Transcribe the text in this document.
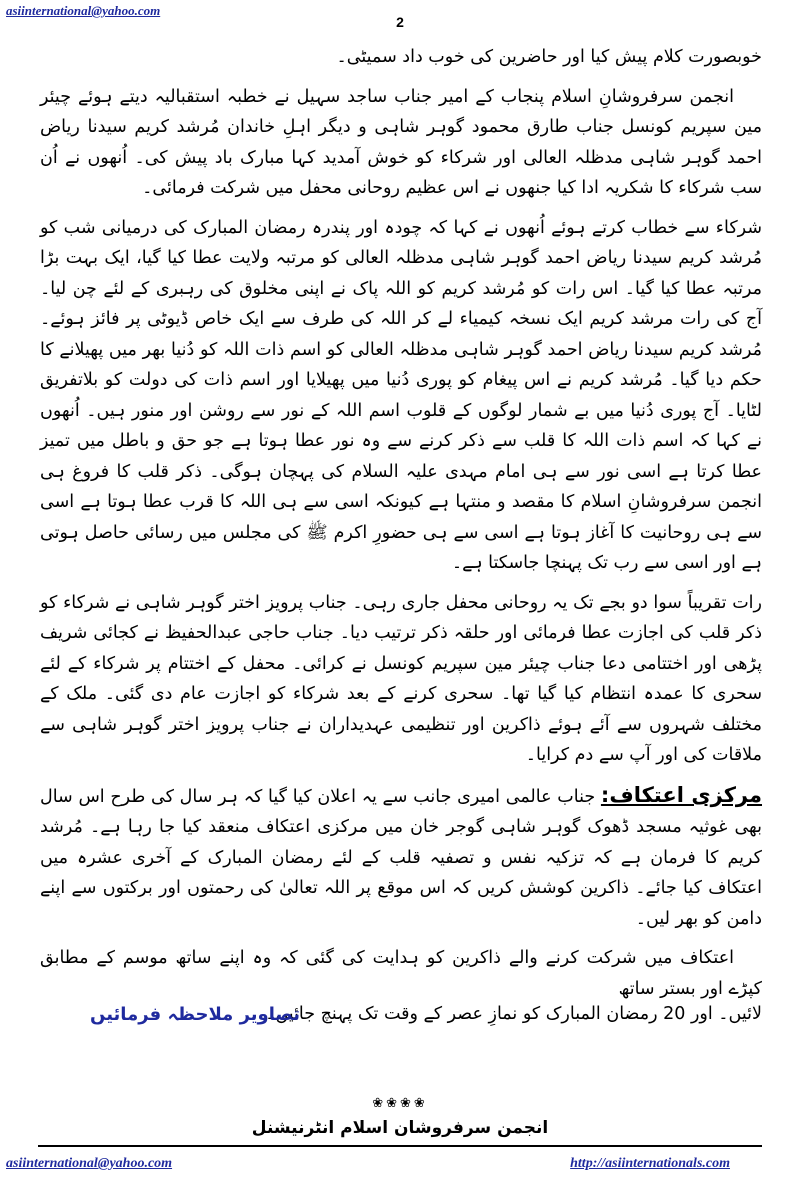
asiinternational@yahoo.com
2

خوبصورت کلام پیش کیا اور حاضرین کی خوب داد سمیٹی۔

انجمن سرفروشانِ اسلام پنجاب کے امیر جناب ساجد سہیل نے خطبہ استقبالیہ دیتے ہوئے چیئر مین سپریم کونسل جناب طارق محمود گوہر شاہی و دیگر اہلِ خاندان مُرشد کریم سیدنا ریاض احمد گوہر شاہی مدظلہ العالی اور شرکاء کو خوش آمدید کہا مبارک باد پیش کی۔ اُنھوں نے اُن سب شرکاء کا شکریہ ادا کیا جنھوں نے اس عظیم روحانی محفل میں شرکت فرمائی۔

شرکاء سے خطاب کرتے ہوئے اُنھوں نے کہا کہ چودہ اور پندرہ رمضان المبارک کی درمیانی شب کو مُرشد کریم سیدنا ریاض احمد گوہر شاہی مدظلہ العالی کو مرتبہ ولایت عطا کیا گیا، ایک بہت بڑا مرتبہ عطا کیا گیا۔ اس رات کو مُرشد کریم کو اللہ پاک نے اپنی مخلوق کی رہبری کے لئے چن لیا۔ آج کی رات مرشد کریم ایک نسخہ کیمیاء لے کر اللہ کی طرف سے ایک خاص ڈیوٹی پر فائز ہوئے۔ مُرشد کریم سیدنا ریاض احمد گوہر شاہی مدظلہ العالی کو اسم ذات اللہ کو دُنیا بھر میں پھیلانے کا حکم دیا گیا۔ مُرشد کریم نے اس پیغام کو پوری دُنیا میں پھیلایا اور اسم ذات کی دولت کو بلاتفریق لٹایا۔ آج پوری دُنیا میں بے شمار لوگوں کے قلوب اسم اللہ کے نور سے روشن اور منور ہیں۔ اُنھوں نے کہا کہ اسم ذات اللہ کا قلب سے ذکر کرنے سے وہ نور عطا ہوتا ہے جو حق و باطل میں تمیز عطا کرتا ہے اسی نور سے ہی امام مہدی علیہ السلام کی پہچان ہوگی۔ ذکر قلب کا فروغ ہی انجمن سرفروشانِ اسلام کا مقصد و منتہا ہے کیونکہ اسی سے ہی اللہ کا قرب عطا ہوتا ہے اسی سے ہی روحانیت کا آغاز ہوتا ہے اسی سے ہی حضورِ اکرم ﷺ کی مجلس میں رسائی حاصل ہوتی ہے اور اسی سے رب تک پہنچا جاسکتا ہے۔

رات تقریباً سوا دو بجے تک یہ روحانی محفل جاری رہی۔ جناب پرویز اختر گوہر شاہی نے شرکاء کو ذکر قلب کی اجازت عطا فرمائی اور حلقہ ذکر ترتیب دیا۔ جناب حاجی عبدالحفیظ نے کجائی شریف پڑھی اور اختتامی دعا جناب چیئر مین سپریم کونسل نے کرائی۔ محفل کے اختتام پر شرکاء کے لئے سحری کا عمدہ انتظام کیا گیا تھا۔ سحری کرنے کے بعد شرکاء کو اجازت عام دی گئی۔ ملک کے مختلف شہروں سے آئے ہوئے ذاکرین اور تنظیمی عہدیداران نے جناب پرویز اختر گوہر شاہی سے ملاقات کی اور آپ سے دم کرایا۔

مرکزی اعتکاف: جناب عالمی امیری جانب سے یہ اعلان کیا گیا کہ ہر سال کی طرح اس سال بھی غوثیہ مسجد ڈھوک گوہر شاہی گوجر خان میں مرکزی اعتکاف منعقد کیا جا رہا ہے۔ مُرشد کریم کا فرمان ہے کہ تزکیہ نفس و تصفیہ قلب کے لئے رمضان المبارک کے آخری عشرہ میں اعتکاف کیا جائے۔ ذاکرین کوشش کریں کہ اس موقع پر اللہ تعالیٰ کی رحمتوں اور برکتوں سے اپنے دامن کو بھر لیں۔

اعتکاف میں شرکت کرنے والے ذاکرین کو ہدایت کی گئی کہ وہ اپنے ساتھ موسم کے مطابق کپڑے اور بستر ساتھ

لائیں۔ اور 20 رمضان المبارک کو نمازِ عصر کے وقت تک پہنچ جائیں۔
تصاویر ملاحظہ فرمائیں
❀❀❀❀
انجمن سرفروشان اسلام انٹرنیشنل
asiinternational@yahoo.com	http://asiinternationals.com
